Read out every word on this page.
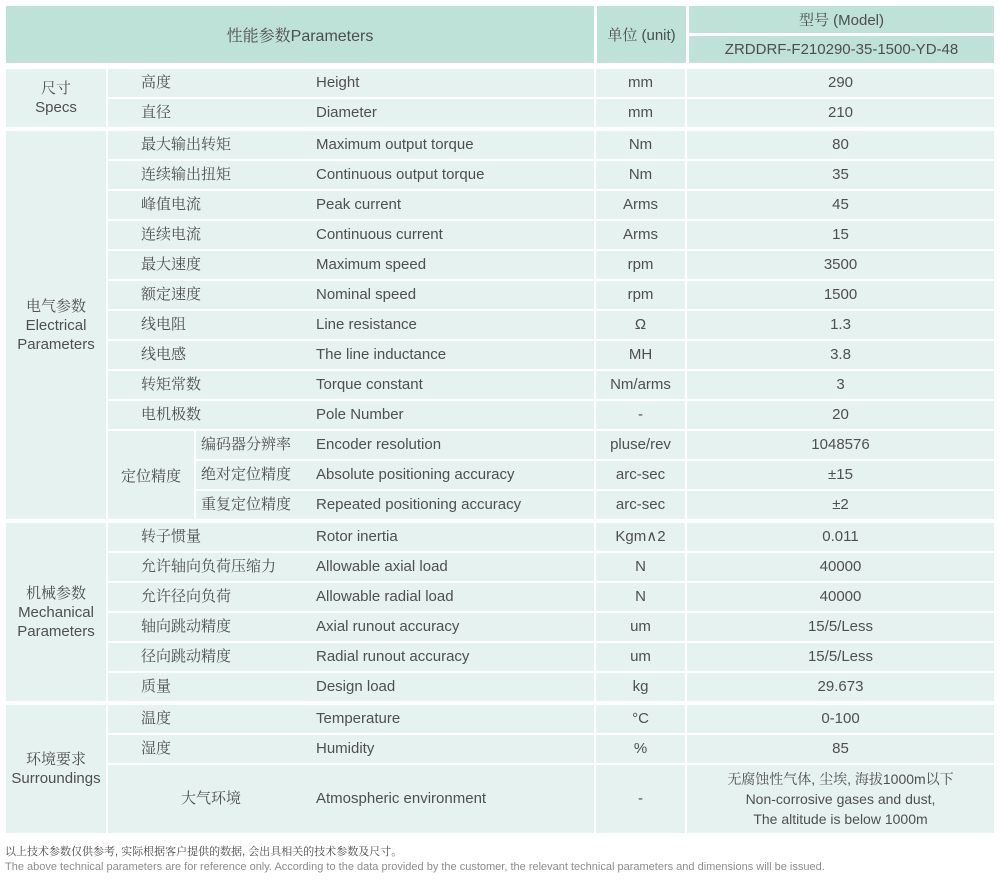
性能参数Parameters	单位 (unit)
型号 (Model)
ZRDDRF-F210290-35-1500-YD-48
尺寸
Specs
高度	Height	mm	290
直径	Diameter	mm	210
电气参数
Electrical
Parameters
最大输出转矩	Maximum output torque	Nm	80
连续输出扭矩	Continuous output torque	Nm	35
峰值电流	Peak current	Arms	45
连续电流	Continuous current	Arms	15
最大速度	Maximum speed	rpm	3500
额定速度	Nominal speed	rpm	1500
线电阻	Line resistance	Ω	1.3
线电感	The line inductance	MH	3.8
转矩常数	Torque constant	Nm/arms	3
电机极数	Pole Number	-	20
定位精度
编码器分辨率 Encoder resolution	pluse/rev	1048576
绝对定位精度 Absolute positioning accuracy	arc-sec	±15
重复定位精度 Repeated positioning accuracy	arc-sec	±2
机械参数
Mechanical
Parameters
转子惯量	Rotor inertia	Kgm∧2	0.011
允许轴向负荷压缩力	Allowable axial load	N	40000
允许径向负荷	Allowable radial load	N	40000
轴向跳动精度	Axial runout accuracy	um	15/5/Less
径向跳动精度	Radial runout accuracy	um	15/5/Less
质量	Design load	kg	29.673
环境要求
Surroundings
温度	Temperature	°C	0-100
湿度	Humidity	%	85
大气环境	Atmospheric environment	-
无腐蚀性气体, 尘埃, 海拔1000m以下
Non-corrosive gases and dust,
The altitude is below 1000m
以上技术参数仅供参考, 实际根据客户提供的数据, 会出具相关的技术参数及尺寸。
The above technical parameters are for reference only. According to the data provided by the customer, the relevant technical parameters and dimensions will be issued.
